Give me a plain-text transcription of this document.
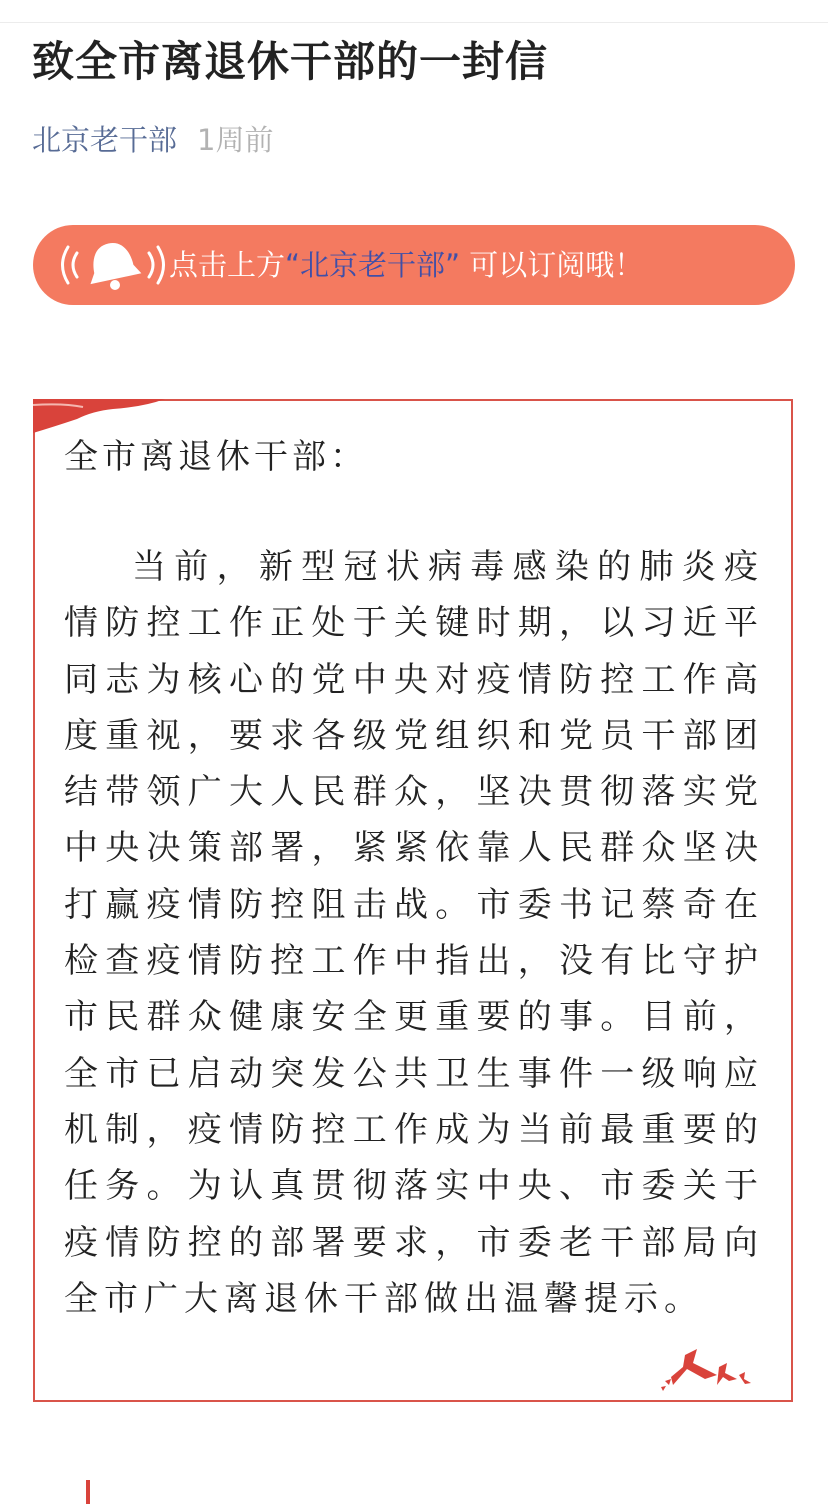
致全市离退休干部的一封信
北京老干部 1周前
点击上方“北京老干部” 可以订阅哦！
全市离退休干部：

当前，新型冠状病毒感染的肺炎疫情防控工作正处于关键时期，以习近平同志为核心的党中央对疫情防控工作高度重视，要求各级党组织和党员干部团结带领广大人民群众，坚决贯彻落实党中央决策部署，紧紧依靠人民群众坚决打赢疫情防控阻击战。市委书记蔡奇在检查疫情防控工作中指出，没有比守护市民群众健康安全更重要的事。目前，全市已启动突发公共卫生事件一级响应机制，疫情防控工作成为当前最重要的任务。为认真贯彻落实中央、市委关于疫情防控的部署要求，市委老干部局向全市广大离退休干部做出温馨提示。
